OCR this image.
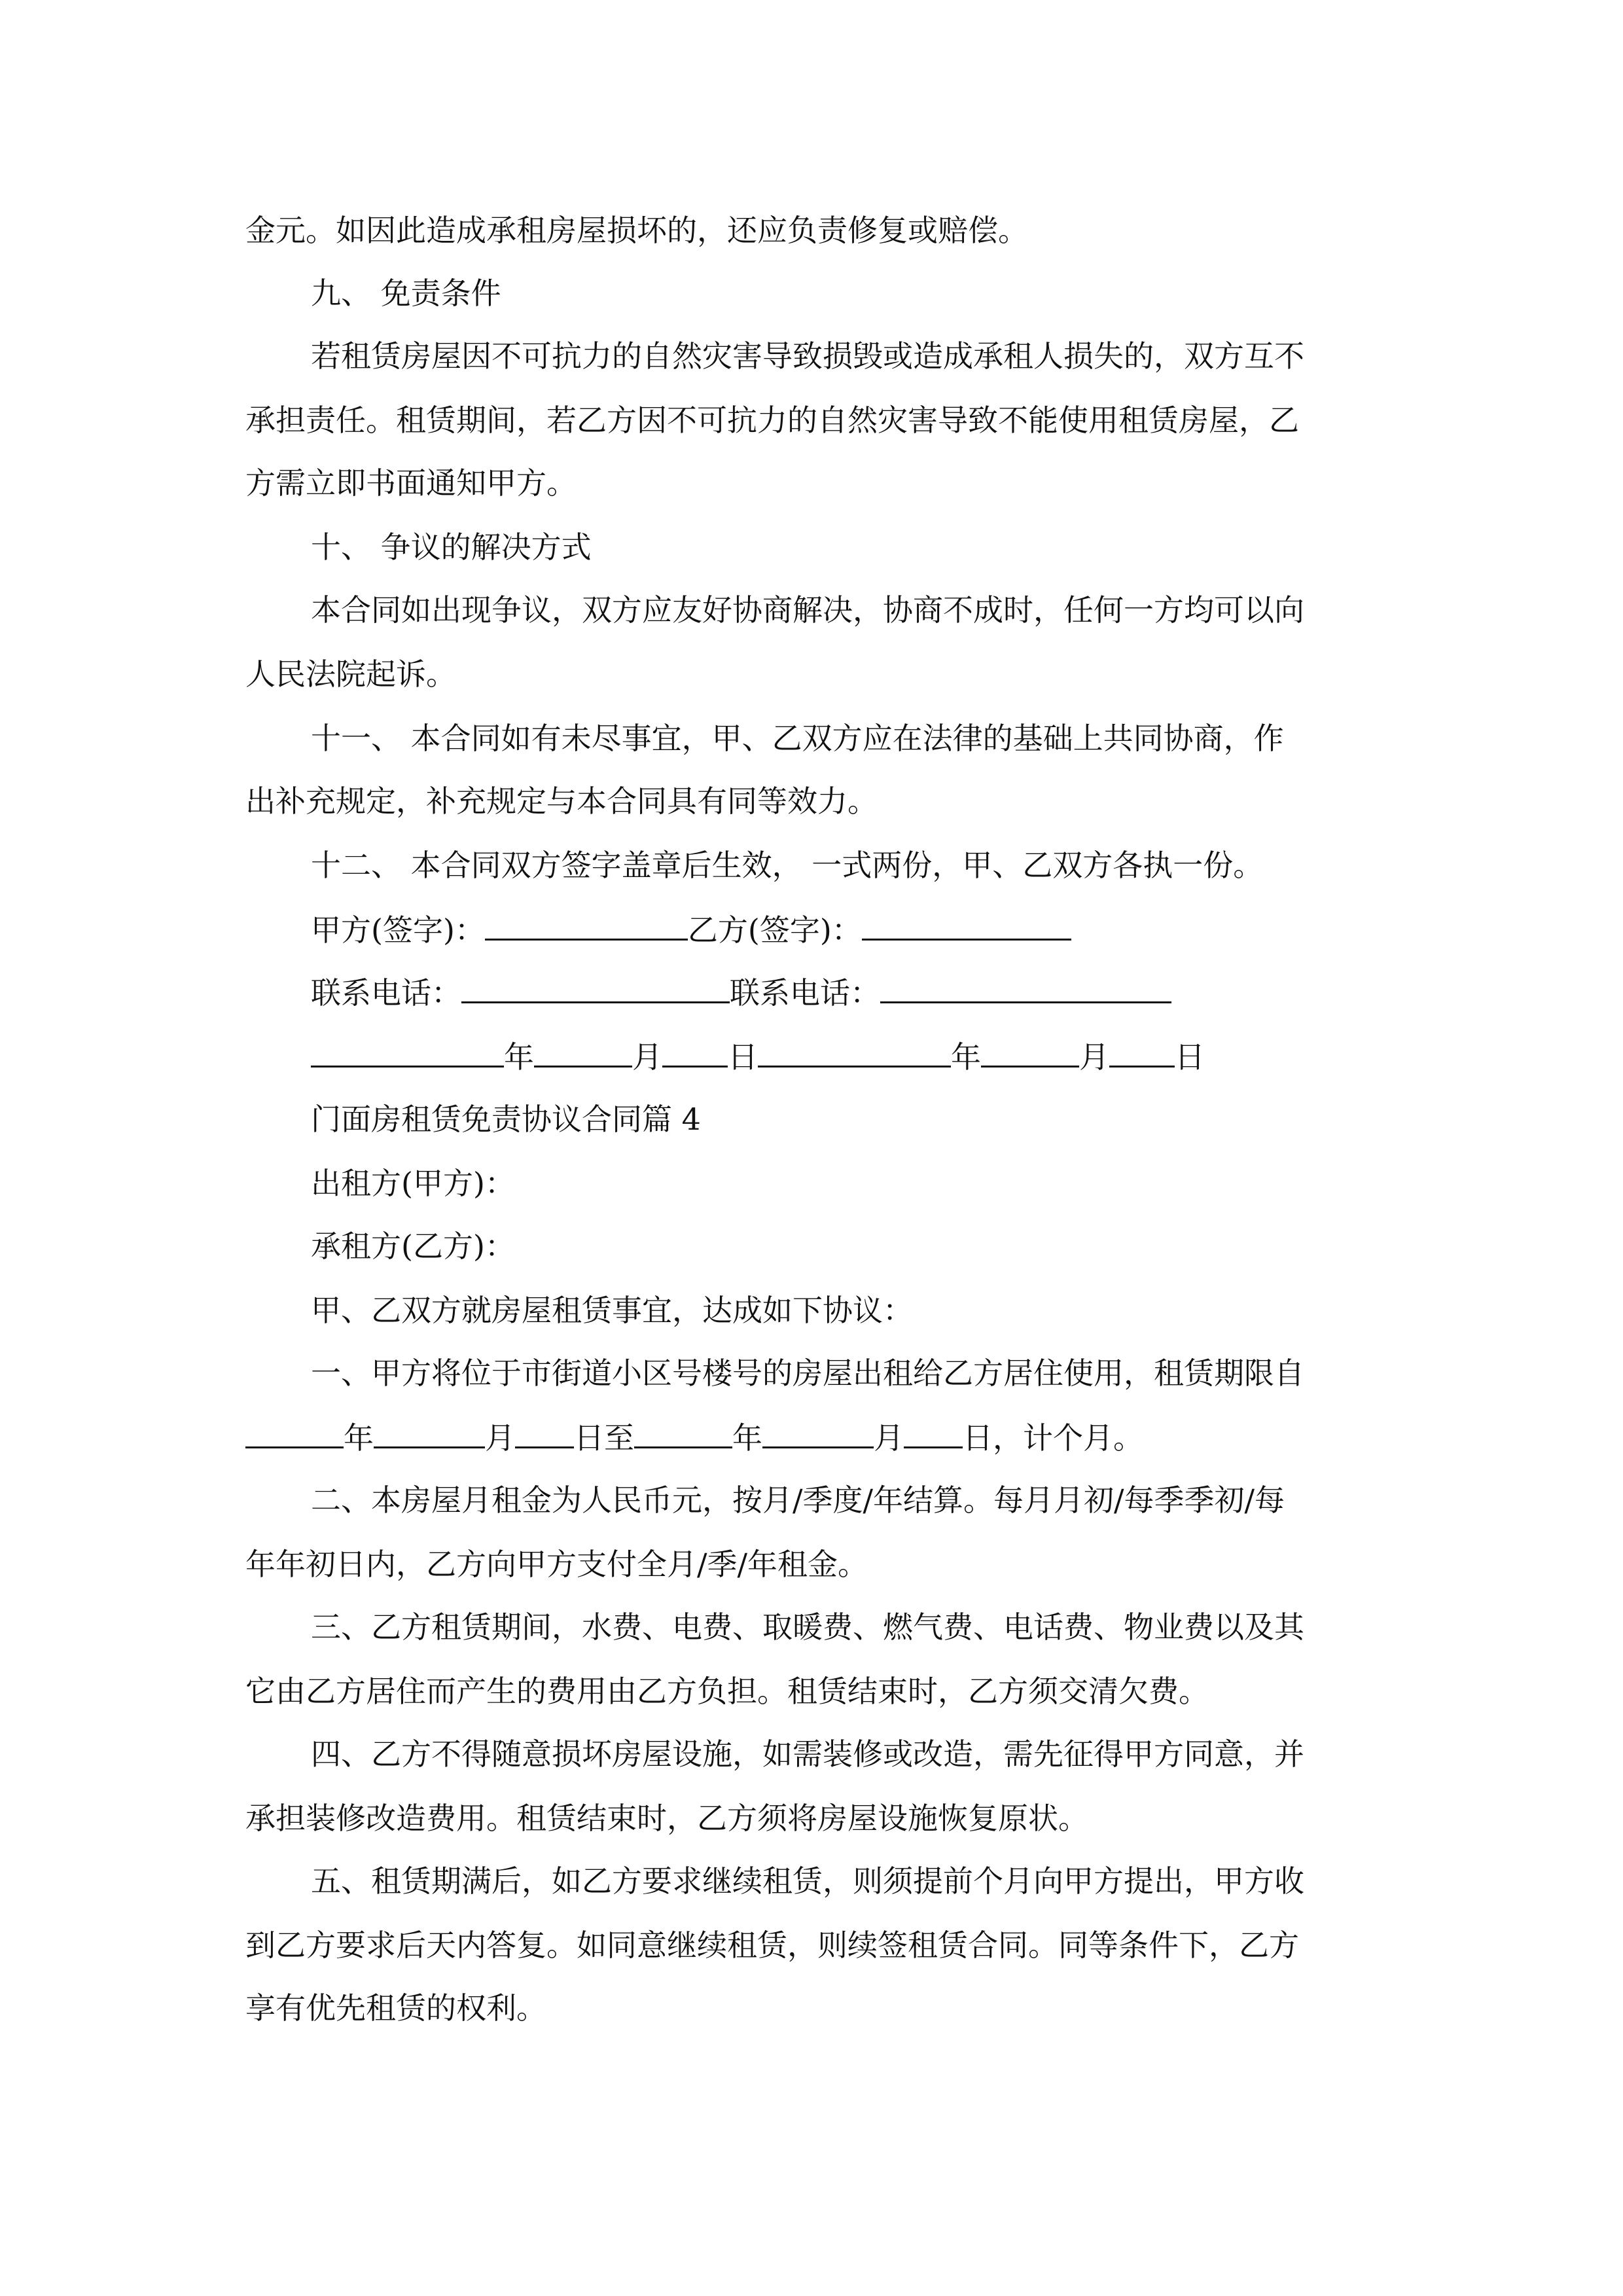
金元。如因此造成承租房屋损坏的，还应负责修复或赔偿。
九、 免责条件
若租赁房屋因不可抗力的自然灾害导致损毁或造成承租人损失的，双方互不
承担责任。租赁期间，若乙方因不可抗力的自然灾害导致不能使用租赁房屋，乙
方需立即书面通知甲方。
十、 争议的解决方式
本合同如出现争议，双方应友好协商解决，协商不成时，任何一方均可以向
人民法院起诉。
十一、 本合同如有未尽事宜，甲、乙双方应在法律的基础上共同协商，作
出补充规定，补充规定与本合同具有同等效力。
十二、 本合同双方签字盖章后生效， 一式两份，甲、乙双方各执一份。
甲方(签字)：	乙方(签字)：
联系电话：	联系电话：
年	月 日	年	月 日
门面房租赁免责协议合同篇 4
出租方(甲方)：
承租方(乙方)：
甲、乙双方就房屋租赁事宜，达成如下协议：
一、甲方将位于市街道小区号楼号的房屋出租给乙方居住使用，租赁期限自
年	月 日至	年	月 日，计个月。
二、本房屋月租金为人民币元，按月/季度/年结算。每月月初/每季季初/每
年年初日内，乙方向甲方支付全月/季/年租金。
三、乙方租赁期间，水费、电费、取暖费、燃气费、电话费、物业费以及其
它由乙方居住而产生的费用由乙方负担。租赁结束时，乙方须交清欠费。
四、乙方不得随意损坏房屋设施，如需装修或改造，需先征得甲方同意，并
承担装修改造费用。租赁结束时，乙方须将房屋设施恢复原状。
五、租赁期满后，如乙方要求继续租赁，则须提前个月向甲方提出，甲方收
到乙方要求后天内答复。如同意继续租赁，则续签租赁合同。同等条件下，乙方
享有优先租赁的权利。
